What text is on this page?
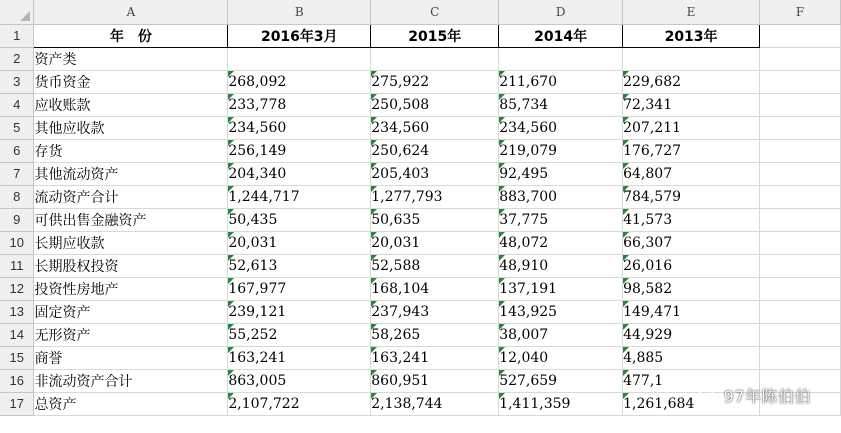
	A	B	C	D	E	F
1	年　份	2016年3月	2015年	2014年	2013年	
2	资产类					
3	货币资金	268,092	275,922	211,670	229,682	
4	应收账款	233,778	250,508	85,734	72,341	
5	其他应收款	234,560	234,560	234,560	207,211	
6	存货	256,149	250,624	219,079	176,727	
7	其他流动资产	204,340	205,403	92,495	64,807	
8	流动资产合计	1,244,717	1,277,793	883,700	784,579	
9	可供出售金融资产	50,435	50,635	37,775	41,573	
10	长期应收款	20,031	20,031	48,072	66,307	
11	长期股权投资	52,613	52,588	48,910	26,016	
12	投资性房地产	167,977	168,104	137,191	98,582	
13	固定资产	239,121	237,943	143,925	149,471	
14	无形资产	55,252	58,265	38,007	44,929	
15	商誉	163,241	163,241	12,040	4,885	
16	非流动资产合计	863,005	860,951	527,659	477,1	
17	总资产	2,107,722	2,138,744	1,411,359	1,261,684	97年陈伯伯
